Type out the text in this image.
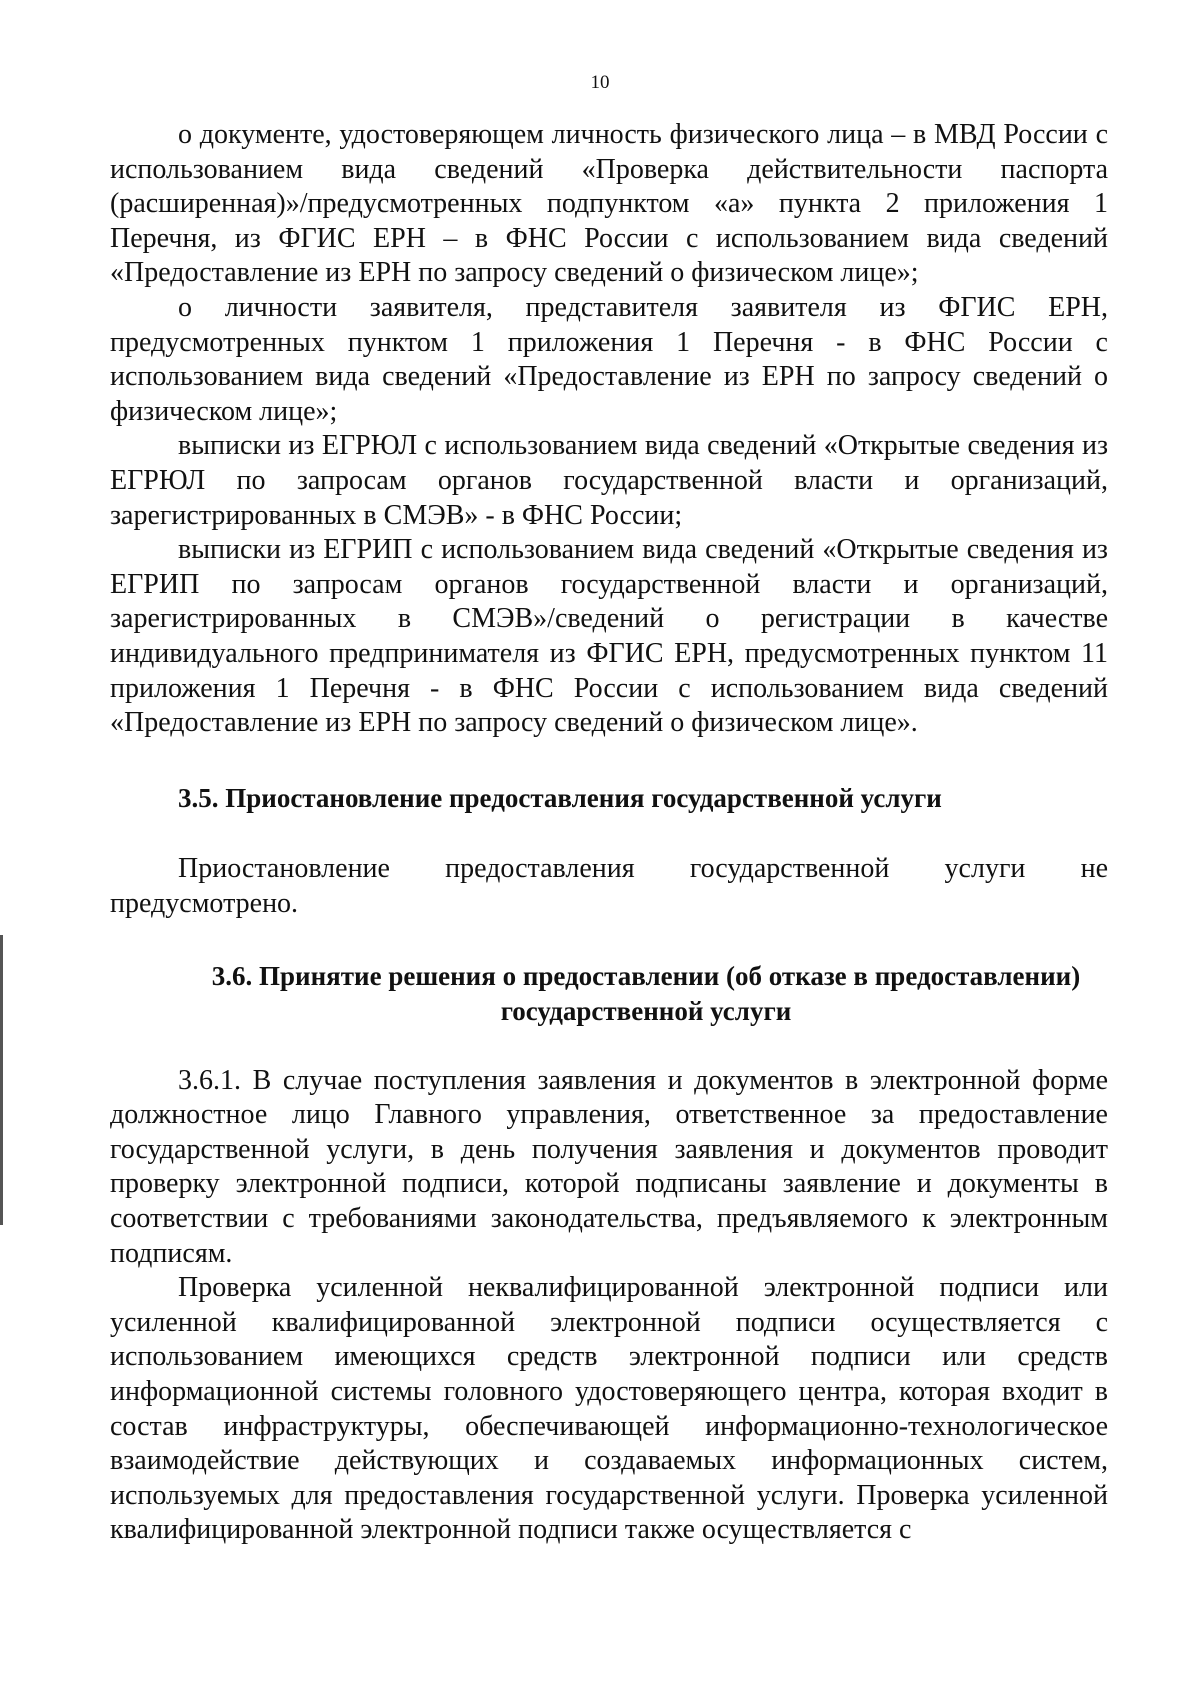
10

о документе, удостоверяющем личность физического лица – в МВД России с использованием вида сведений «Проверка действительности паспорта (расширенная)»/предусмотренных подпунктом «а» пункта 2 приложения 1 Перечня, из ФГИС ЕРН – в ФНС России с использованием вида сведений «Предоставление из ЕРН по запросу сведений о физическом лице»;

о личности заявителя, представителя заявителя из ФГИС ЕРН, предусмотренных пунктом 1 приложения 1 Перечня - в ФНС России с использованием вида сведений «Предоставление из ЕРН по запросу сведений о физическом лице»;

выписки из ЕГРЮЛ с использованием вида сведений «Открытые сведения из ЕГРЮЛ по запросам органов государственной власти и организаций, зарегистрированных в СМЭВ» - в ФНС России;

выписки из ЕГРИП с использованием вида сведений «Открытые сведения из ЕГРИП по запросам органов государственной власти и организаций, зарегистрированных в СМЭВ»/сведений о регистрации в качестве индивидуального предпринимателя из ФГИС ЕРН, предусмотренных пунктом 11 приложения 1 Перечня - в ФНС России с использованием вида сведений «Предоставление из ЕРН по запросу сведений о физическом лице».

3.5. Приостановление предоставления государственной услуги

Приостановление предоставления государственной услуги не предусмотрено.

3.6. Принятие решения о предоставлении (об отказе в предоставлении)
государственной услуги

3.6.1. В случае поступления заявления и документов в электронной форме должностное лицо Главного управления, ответственное за предоставление государственной услуги, в день получения заявления и документов проводит проверку электронной подписи, которой подписаны заявление и документы в соответствии с требованиями законодательства, предъявляемого к электронным подписям.

Проверка усиленной неквалифицированной электронной подписи или усиленной квалифицированной электронной подписи осуществляется с использованием имеющихся средств электронной подписи или средств информационной системы головного удостоверяющего центра, которая входит в состав инфраструктуры, обеспечивающей информационно-технологическое взаимодействие действующих и создаваемых информационных систем, используемых для предоставления государственной услуги. Проверка усиленной квалифицированной электронной подписи также осуществляется с
